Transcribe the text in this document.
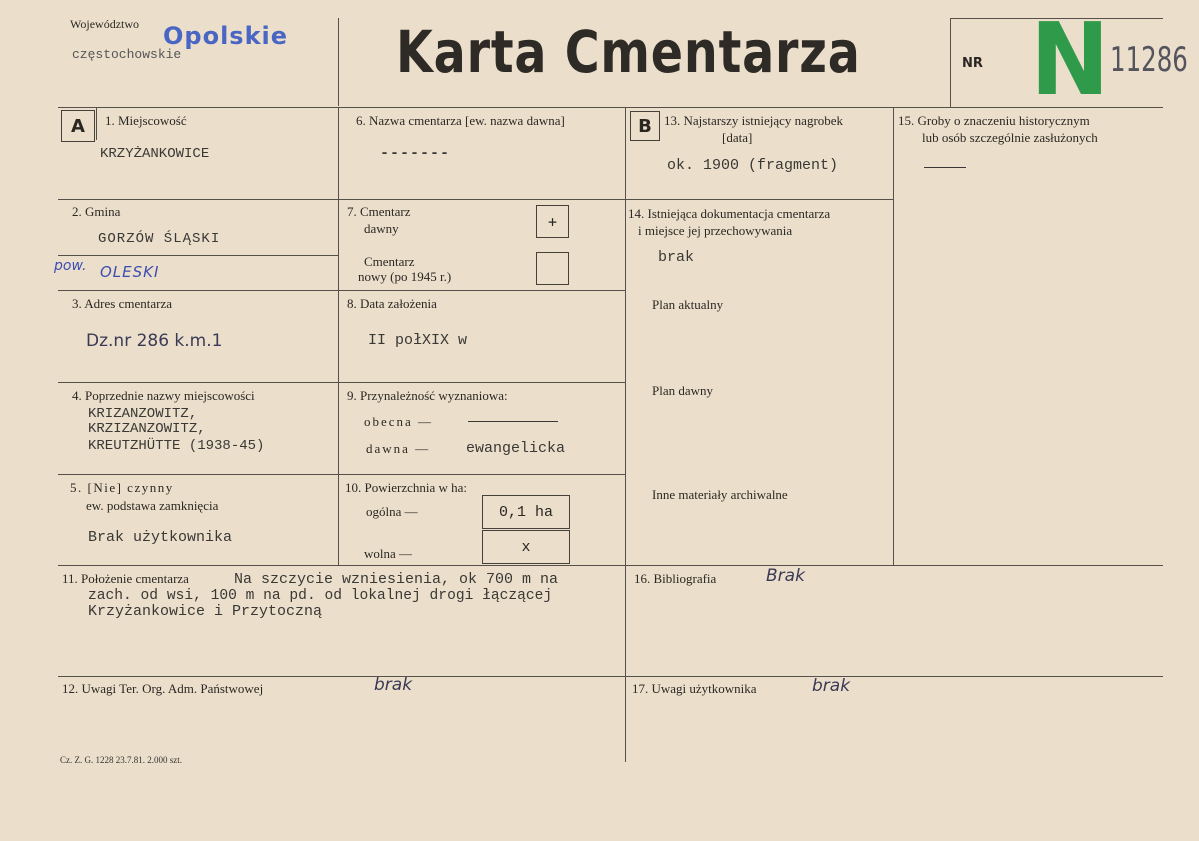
Województwo Opolskie
częstochowskie	Karta Cmentarza	NR N 11286
A	B
1. Miejscowość
KRZYŻANKOWICE
2. Gmina
GORZÓW ŚLĄSKI
pow. OLESKI
3. Adres cmentarza
Dz.nr 286 k.m.1
4. Poprzednie nazwy miejscowości
KRIZANZOWITZ,
KRZIZANZOWITZ,
KREUTZHÜTTE (1938-45)
5. [Nie] czynny
ew. podstawa zamknięcia
Brak użytkownika
6. Nazwa cmentarza [ew. nazwa dawna]
-------
7. Cmentarz
dawny	+
Cmentarz
nowy (po 1945 r.)
8. Data założenia
II połXIX w
9. Przynależność wyznaniowa:
obecna —
dawna — ewangelicka
10. Powierzchnia w ha:
ogólna —	0,1 ha
wolna —	x
11. Położenie cmentarza	Na szczycie wzniesienia, ok 700 m na
zach. od wsi, 100 m na pd. od lokalnej drogi łączącej
Krzyżankowice i Przytoczną
12. Uwagi Ter. Org. Adm. Państwowej	brak
13. Najstarszy istniejący nagrobek
[data]
ok. 1900 (fragment)
14. Istniejąca dokumentacja cmentarza
i miejsce jej przechowywania
brak
Plan aktualny
Plan dawny
Inne materiały archiwalne
15. Groby o znaczeniu historycznym
lub osób szczególnie zasłużonych
16. Bibliografia	Brak
17. Uwagi użytkownika	brak
Cz. Z. G. 1228 23.7.81. 2.000 szt.
